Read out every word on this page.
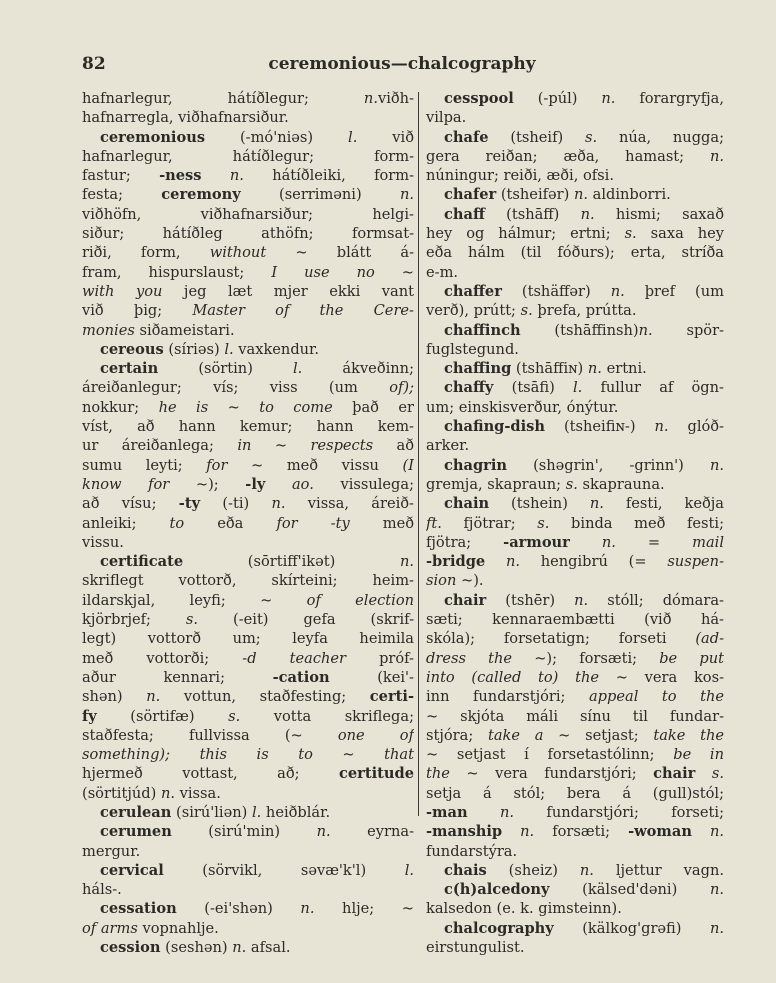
82	ceremonious—chalcography
hafnarlegur, hátíðlegur; n.viðh-
hafnarregla, viðhafnarsiður.
ceremonious (-mó'niəs) l. við
hafnarlegur, hátíðlegur; form-
fastur; -ness n. hátíðleiki, form-
festa; ceremony (serriməni) n.
viðhöfn, viðhafnarsiður; helgi-
siður; hátíðleg athöfn; formsat-
riði, form, without ~ blátt á-
fram, hispurslaust; I use no ~
with you jeg læt mjer ekki vant
við þig; Master of the Cere-
monies siðameistari.
cereous (síriəs) l. vaxkendur.
certain (sörtin) l. ákveðinn;
áreiðanlegur; vís; viss (um of);
nokkur; he is ~ to come það er
víst, að hann kemur; hann kem-
ur áreiðanlega; in ~ respects að
sumu leyti; for ~ með vissu (I
know for ~); -ly ao. vissulega;
að vísu; -ty (-ti) n. vissa, áreið-
anleiki; to eða for -ty með
vissu.
certificate (sōrtiff'ikət) n.
skriflegt vottorð, skírteini; heim-
ildarskjal, leyfi; ~ of election
kjörbrjef; s. (-eit) gefa (skrif-
legt) vottorð um; leyfa heimila
með vottorði; -d teacher próf-
aður kennari; -cation (kei'-
shən) n. vottun, staðfesting; certi-
fy (sörtifæ) s. votta skriflega;
staðfesta; fullvissa (~ one of
something); this is to ~ that
hjermeð vottast, að; certitude
(sörtitjúd) n. vissa.
cerulean (sirú'liən) l. heiðblár.
cerumen (sirú'min) n. eyrna-
mergur.
cervical (sörvikl, səvæ'k'l) l.
háls-.
cessation (-ei'shən) n. hlje; ~
of arms vopnahlje.
cession (seshən) n. afsal.
cesspool (-púl) n. forargryfja,
vilpa.
chafe (tsheif) s. núa, nugga;
gera reiðan; æða, hamast; n.
núningur; reiði, æði, ofsi.
chafer (tsheifər) n. aldinborri.
chaff (tshāff) n. hismi; saxað
hey og hálmur; ertni; s. saxa hey
eða hálm (til fóðurs); erta, stríða
e-m.
chaffer (tshäffər) n. þref (um
verð), prútt; s. þrefa, prútta.
chaffinch (tshāffinsh)n. spör-
fuglstegund.
chaffing (tshāffiɴ) n. ertni.
chaffy (tsāfi) l. fullur af ögn-
um; einskisverður, ónýtur.
chafing-dish (tsheifiɴ-) n. glóð-
arker.
chagrin (shəgrin', -grinn') n.
gremja, skapraun; s. skaprauna.
chain (tshein) n. festi, keðja
ft. fjötrar; s. binda með festi;
fjötra; -armour n. = mail
-bridge n. hengibrú (= suspen-
sion ~).
chair (tshēr) n. stóll; dómara-
sæti; kennaraembætti (við há-
skóla); forsetatign; forseti (ad-
dress the ~); forsæti; be put
into (called to) the ~ vera kos-
inn fundarstjóri; appeal to the
~ skjóta máli sínu til fundar-
stjóra; take a ~ setjast; take the
~ setjast í forsetastólinn; be in
the ~ vera fundarstjóri; chair s.
setja á stól; bera á (gull)stól;
-man n. fundarstjóri; forseti;
-manship n. forsæti; -woman n.
fundarstýra.
chais (sheiz) n. ljettur vagn.
c(h)alcedony (kälsed'dəni) n.
kalsedon (e. k. gimsteinn).
chalcography (kälkog'grəfi) n.
eirstungulist.
